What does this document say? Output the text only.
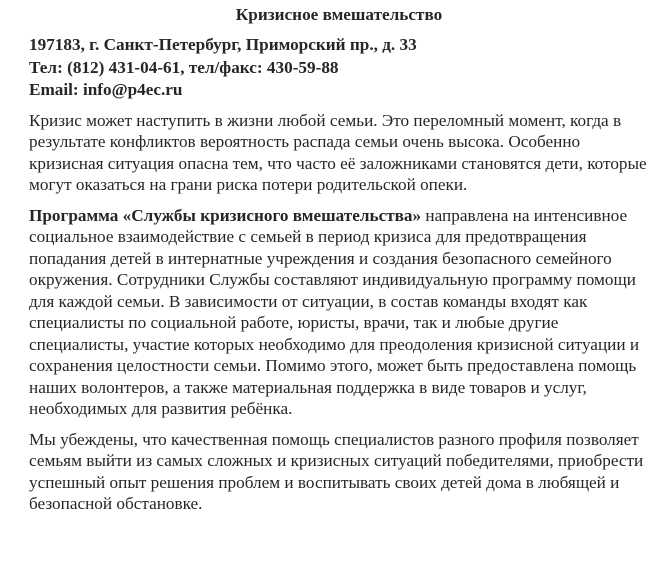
Кризисное вмешательство
197183, г. Санкт-Петербург, Приморский пр., д. 33
Тел: (812) 431-04-61, тел/факс: 430-59-88
Email: info@p4ec.ru

Кризис может наступить в жизни любой семьи. Это переломный момент, когда в результате конфликтов вероятность распада семьи очень высока. Особенно кризисная ситуация опасна тем, что часто её заложниками становятся дети, которые могут оказаться на грани риска потери родительской опеки.

Программа «Службы кризисного вмешательства» направлена на интенсивное социальное взаимодействие с семьей в период кризиса для предотвращения попадания детей в интернатные учреждения и создания безопасного семейного окружения. Сотрудники Службы составляют индивидуальную программу помощи для каждой семьи. В зависимости от ситуации, в состав команды входят как специалисты по социальной работе, юристы, врачи, так и любые другие специалисты, участие которых необходимо для преодоления кризисной ситуации и сохранения целостности семьи. Помимо этого, может быть предоставлена помощь наших волонтеров, а также материальная поддержка в виде товаров и услуг, необходимых для развития ребёнка.

Мы убеждены, что качественная помощь специалистов разного профиля позволяет семьям выйти из самых сложных и кризисных ситуаций победителями, приобрести успешный опыт решения проблем и воспитывать своих детей дома в любящей и безопасной обстановке.
